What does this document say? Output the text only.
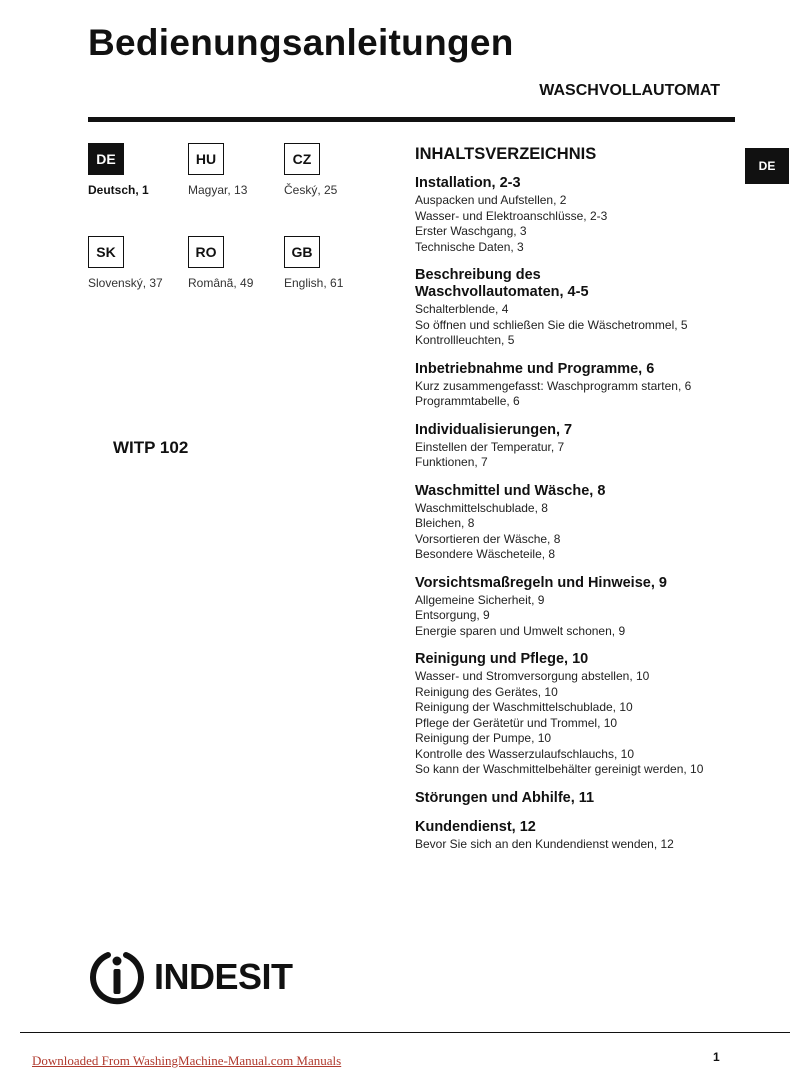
Bedienungsanleitungen
WASCHVOLLAUTOMAT
DE
DE
Deutsch, 1
HU
Magyar, 13
CZ
Český, 25
SK
Slovenský, 37
RO
Românã, 49
GB
English, 61
WITP 102
INHALTSVERZEICHNIS
Installation, 2-3
Auspacken und Aufstellen, 2
Wasser- und Elektroanschlüsse, 2-3
Erster Waschgang, 3
Technische Daten, 3
Beschreibung des Waschvollautomaten, 4-5
Schalterblende, 4
So öffnen und schließen Sie die Wäschetrommel, 5
Kontrollleuchten, 5
Inbetriebnahme und Programme, 6
Kurz zusammengefasst: Waschprogramm starten, 6
Programmtabelle, 6
Individualisierungen, 7
Einstellen der Temperatur, 7
Funktionen, 7
Waschmittel und Wäsche, 8
Waschmittelschublade, 8
Bleichen, 8
Vorsortieren der Wäsche, 8
Besondere Wäscheteile, 8
Vorsichtsmaßregeln und Hinweise, 9
Allgemeine Sicherheit, 9
Entsorgung, 9
Energie sparen und Umwelt schonen, 9
Reinigung und Pflege, 10
Wasser- und Stromversorgung abstellen, 10
Reinigung des Gerätes, 10
Reinigung der Waschmittelschublade, 10
Pflege der Gerätetür und Trommel, 10
Reinigung der Pumpe, 10
Kontrolle des Wasserzulaufschlauchs, 10
So kann der Waschmittelbehälter gereinigt werden, 10
Störungen und Abhilfe, 11
Kundendienst, 12
Bevor Sie sich an den Kundendienst wenden, 12
INDESIT
Downloaded From WashingMachine-Manual.com Manuals	1
